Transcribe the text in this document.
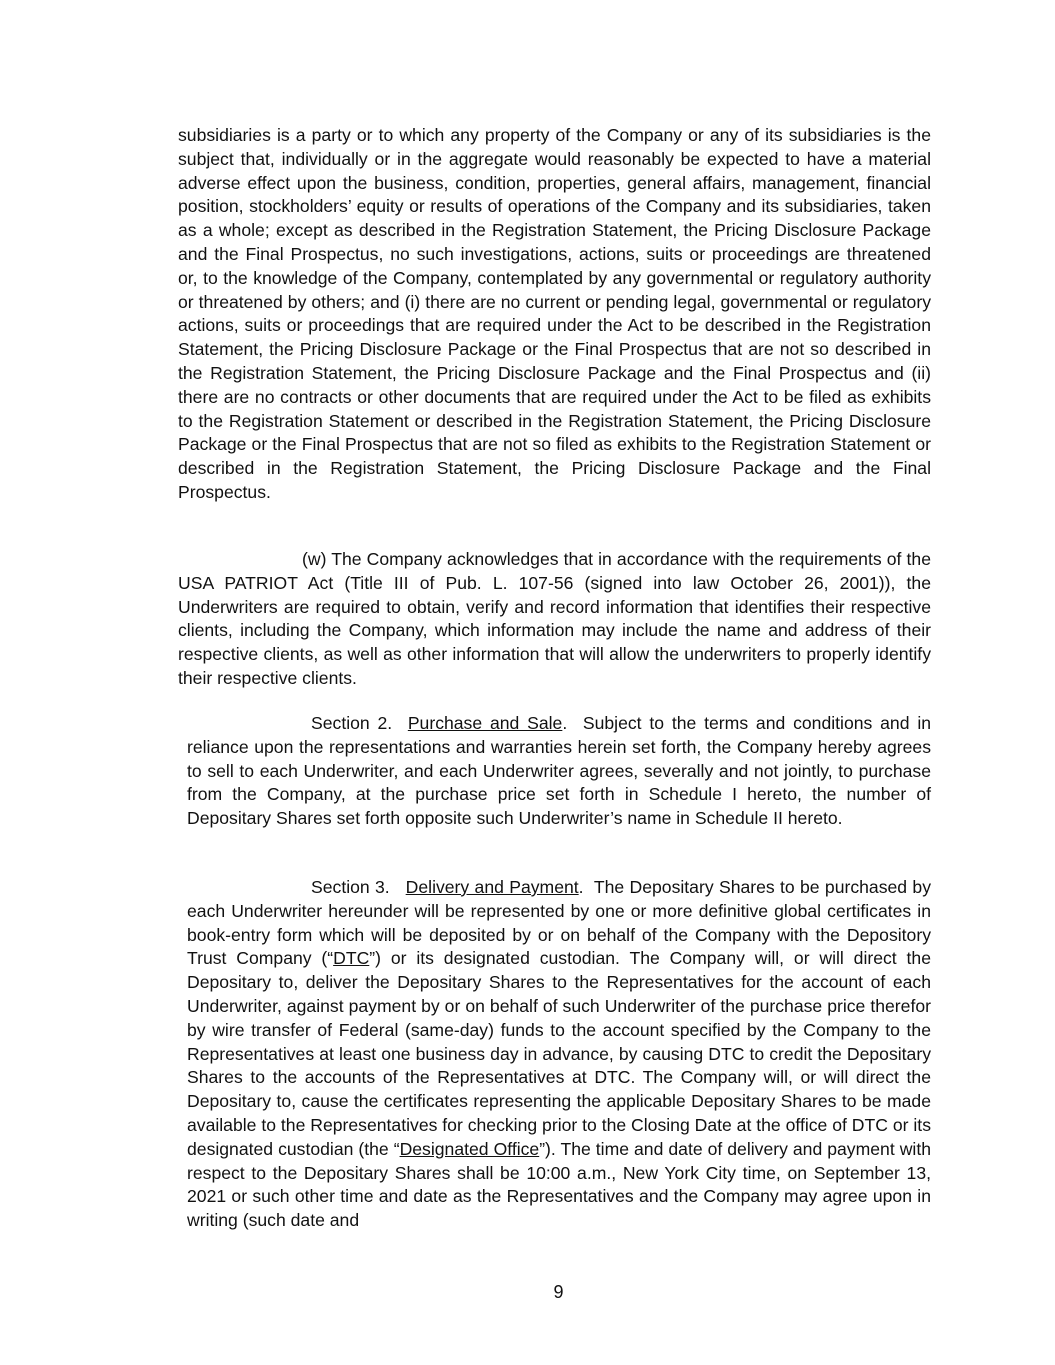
subsidiaries is a party or to which any property of the Company or any of its subsidiaries is the subject that, individually or in the aggregate would reasonably be expected to have a material adverse effect upon the business, condition, properties, general affairs, management, financial position, stockholders’ equity or results of operations of the Company and its subsidiaries, taken as a whole; except as described in the Registration Statement, the Pricing Disclosure Package and the Final Prospectus, no such investigations, actions, suits or proceedings are threatened or, to the knowledge of the Company, contemplated by any governmental or regulatory authority or threatened by others; and (i) there are no current or pending legal, governmental or regulatory actions, suits or proceedings that are required under the Act to be described in the Registration Statement, the Pricing Disclosure Package or the Final Prospectus that are not so described in the Registration Statement, the Pricing Disclosure Package and the Final Prospectus and (ii) there are no contracts or other documents that are required under the Act to be filed as exhibits to the Registration Statement or described in the Registration Statement, the Pricing Disclosure Package or the Final Prospectus that are not so filed as exhibits to the Registration Statement or described in the Registration Statement, the Pricing Disclosure Package and the Final Prospectus.

(w) The Company acknowledges that in accordance with the requirements of the USA PATRIOT Act (Title III of Pub. L. 107-56 (signed into law October 26, 2001)), the Underwriters are required to obtain, verify and record information that identifies their respective clients, including the Company, which information may include the name and address of their respective clients, as well as other information that will allow the underwriters to properly identify their respective clients.

Section 2. Purchase and Sale.  Subject to the terms and conditions and in reliance upon the representations and warranties herein set forth, the Company hereby agrees to sell to each Underwriter, and each Underwriter agrees, severally and not jointly, to purchase from the Company, at the purchase price set forth in Schedule I hereto, the number of Depositary Shares set forth opposite such Underwriter’s name in Schedule II hereto.

Section 3. Delivery and Payment.  The Depositary Shares to be purchased by each Underwriter hereunder will be represented by one or more definitive global certificates in book-entry form which will be deposited by or on behalf of the Company with the Depository Trust Company (“DTC”) or its designated custodian. The Company will, or will direct the Depositary to, deliver the Depositary Shares to the Representatives for the account of each Underwriter, against payment by or on behalf of such Underwriter of the purchase price therefor by wire transfer of Federal (same-day) funds to the account specified by the Company to the Representatives at least one business day in advance, by causing DTC to credit the Depositary Shares to the accounts of the Representatives at DTC. The Company will, or will direct the Depositary to, cause the certificates representing the applicable Depositary Shares to be made available to the Representatives for checking prior to the Closing Date at the office of DTC or its designated custodian (the “Designated Office”). The time and date of delivery and payment with respect to the Depositary Shares shall be 10:00 a.m., New York City time, on September 13, 2021 or such other time and date as the Representatives and the Company may agree upon in writing (such date and

9
